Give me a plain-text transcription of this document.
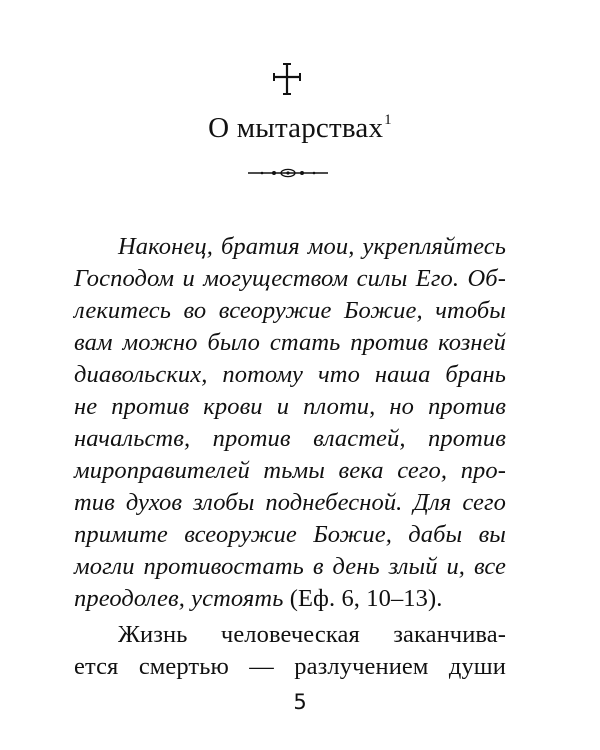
О мытарствах$^1$
Наконец, братия мои, укрепляйтесь
Господом и могуществом силы Его. Об-
лекитесь во всеоружие Божие, чтобы
вам можно было стать против козней
диавольских, потому что наша брань
не против крови и плоти, но против
начальств, против властей, против
мироправителей тьмы века сего, про-
тив духов злобы поднебесной. Для сего
примите всеоружие Божие, дабы вы
могли противостать в день злый и, все
преодолев, устоять (Еф. 6, 10–13).
Жизнь человеческая заканчива-
ется смертью — разлучением души
5
